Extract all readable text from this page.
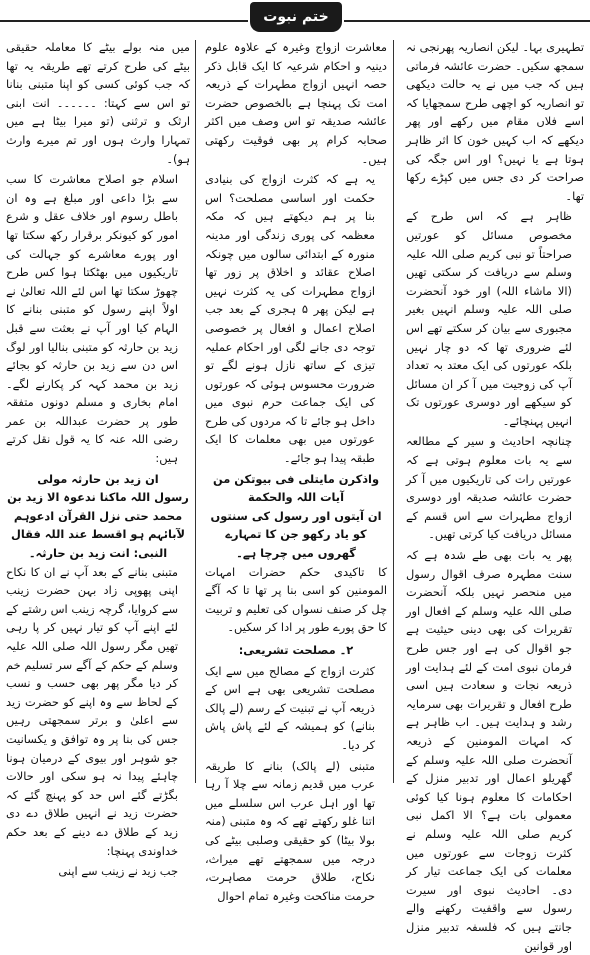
ختم نبوت

تطہیری بہا۔ لیکن انصاریہ پھرنجی نہ سمجھ سکیں۔ حضرت عائشہ فرماتی ہیں کہ جب میں نے یہ حالت دیکھی تو انصاریہ کو اچھی طرح سمجھایا کہ اسے فلاں مقام میں رکھے اور پھر دیکھے کہ اب کہیں خون کا اثر ظاہر ہوتا ہے یا نہیں؟ اور اس جگہ کی صراحت کر دی جس میں کپڑے رکھا تھا۔

ظاہر ہے کہ اس طرح کے مخصوص مسائل کو عورتیں صراحتاً تو نبی کریم صلی اللہ علیہ وسلم سے دریافت کر سکتی تھیں (الا ماشاء اللہ) اور خود آنحضرت صلی اللہ علیہ وسلم انہیں بغیر مجبوری سے بیان کر سکتے تھے اس لئے ضروری تھا کہ دو چار نہیں بلکہ عورتوں کی ایک معتد بہ تعداد آپ کی زوجیت میں آ کر ان مسائل کو سیکھے اور دوسری عورتوں تک انہیں پہنچائے۔

چنانچہ احادیث و سیر کے مطالعہ سے یہ بات معلوم ہوتی ہے کہ عورتیں رات کی تاریکیوں میں آ کر حضرت عائشہ صدیقہ اور دوسری ازواج مطہرات سے اس قسم کے مسائل دریافت کیا کرتی تھیں۔

پھر یہ بات بھی طے شدہ ہے کہ سنت مطہرہ صرف اقوال رسول میں منحصر نہیں بلکہ آنحضرت صلی اللہ علیہ وسلم کے افعال اور تقریرات کی بھی دینی حیثیت ہے جو اقوال کی ہے اور جس طرح فرمان نبوی امت کے لئے ہدایت اور ذریعہ نجات و سعادت ہیں اسی طرح افعال و تقریرات بھی سرمایہ رشد و ہدایت ہیں۔ اب ظاہر ہے کہ امہات المومنین کے ذریعہ آنحضرت صلی اللہ علیہ وسلم کے گھریلو اعمال اور تدبیر منزل کے احکامات کا معلوم ہونا کیا کوئی معمولی بات ہے؟ الا اکمل نبی کریم صلی اللہ علیہ وسلم نے کثرت زوجات سے عورتوں میں معلمات کی ایک جماعت تیار کر دی۔ احادیث نبوی اور سیرت رسول سے واقفیت رکھنے والے جانتے ہیں کہ فلسفہ تدبیر منزل اور قوانین

معاشرت ازواج وغیرہ کے علاوہ علوم دینیہ و احکام شرعیہ کا ایک قابل ذکر حصہ انہیں ازواج مطہرات کے ذریعہ امت تک پہنچا ہے بالخصوص حضرت عائشہ صدیقہ تو اس وصف میں اکثر صحابہ کرام پر بھی فوقیت رکھتی ہیں۔

یہ ہے کہ کثرت ازواج کی بنیادی حکمت اور اساسی مصلحت؟ اس بنا پر ہم دیکھتے ہیں کہ مکہ معظمہ کی پوری زندگی اور مدینہ منورہ کے ابتدائی سالوں میں چونکہ اصلاح عقائد و اخلاق پر زور تھا ازواج مطہرات کی یہ کثرت نہیں ہے لیکن پھر ۵ ہجری کے بعد جب اصلاح اعمال و افعال پر خصوصی توجہ دی جانے لگی اور احکام عملیہ تیزی کے ساتھ نازل ہونے لگے تو ضرورت محسوس ہوئی کہ عورتوں کی ایک جماعت حرم نبوی میں داخل ہو جائے تا کہ مردوں کی طرح عورتوں میں بھی معلمات کا ایک طبقہ پیدا ہو جائے۔

واذکرن مایتلی فی بیوتکن من آیات اللہ والحکمة

ان آیتوں اور رسول کی سنتوں کو یاد رکھو جن کا تمہارے گھروں میں چرچا ہے۔

کا تاکیدی حکم حضرات امہات المومنین کو اسی بنا پر تھا تا کہ آگے چل کر صنف نسواں کی تعلیم و تربیت کا حق پورے طور پر ادا کر سکیں۔

۲۔ مصلحت تشریعی:

کثرت ازواج کے مصالح میں سے ایک مصلحت تشریعی بھی ہے اس کے ذریعہ آپ نے تبنیت کے رسم (لے پالک بنانے) کو ہمیشہ کے لئے پاش پاش کر دیا۔

متبنی (لے پالک) بنانے کا طریقہ عرب میں قدیم زمانہ سے چلا آ رہا تھا اور اہل عرب اس سلسلے میں اتنا غلو رکھتے تھے کہ وہ متبنی (منہ بولا بیٹا) کو حقیقی وصلبی بیٹے کی درجہ میں سمجھتے تھے میراث، نکاح، طلاق حرمت مصاہرت، حرمت مناکحت وغیرہ تمام احوال

میں منہ بولے بیٹے کا معاملہ حقیقی بیٹے کی طرح کرتے تھے طریقہ یہ تھا کہ جب کوئی کسی کو اپنا متبنی بنانا تو اس سے کہتا: ۔۔۔۔۔۔ انت ابنی ارثک و ترثنی (تو میرا بیٹا ہے میں تمہارا وارث ہوں اور تم میرے وارث ہو)۔

اسلام جو اصلاح معاشرت کا سب سے بڑا داعی اور مبلغ ہے وہ ان باطل رسوم اور خلاف عقل و شرع امور کو کیونکر برقرار رکھ سکتا تھا اور پورے معاشرے کو جہالت کی تاریکیوں میں بھٹکتا ہوا کس طرح چھوڑ سکتا تھا اس لئے اللہ تعالیٰ نے اولاً اپنے رسول کو متبنی بنانے کا الہام کیا اور آپ نے بعثت سے قبل زید بن حارثہ کو متبنی بنالیا اور لوگ اس دن سے زید بن حارثہ کو بجائے زید بن محمد کہہ کر پکارنے لگے۔ امام بخاری و مسلم دونوں متفقہ طور پر حضرت عبداللہ بن عمر رضی اللہ عنہ کا یہ قول نقل کرتے ہیں:

ان زید بن حارثہ مولی

رسول اللہ ماکنا ندعوہ الا زید بن

محمد حتی نزل القرآن ادعوہم

لآبائہم ہو اقسط عند اللہ فقال

النبی: انت زید بن حارثہ۔

متبنی بنانے کے بعد آپ نے ان کا نکاح اپنی پھوپی زاد بہن حضرت زینب سے کروایا، گرچہ زینب اس رشتے کے لئے اپنے آپ کو تیار نہیں کر پا رہی تھیں مگر رسول اللہ صلی اللہ علیہ وسلم کے حکم کے آگے سر تسلیم خم کر دیا مگر پھر بھی حسب و نسب کے لحاظ سے وہ اپنے کو حضرت زید سے اعلیٰ و برتر سمجھتی رہیں جس کی بنا پر وہ توافق و یکسانیت جو شوہر اور بیوی کے درمیان ہونا چاہئے پیدا نہ ہو سکی اور حالات بگڑتے گئے اس حد کو پہنچ گئے کہ حضرت زید نے انہیں طلاق دے دی زید کے طلاق دے دینے کے بعد حکم خداوندی پہنچا:

جب زید نے زینب سے اپنی
